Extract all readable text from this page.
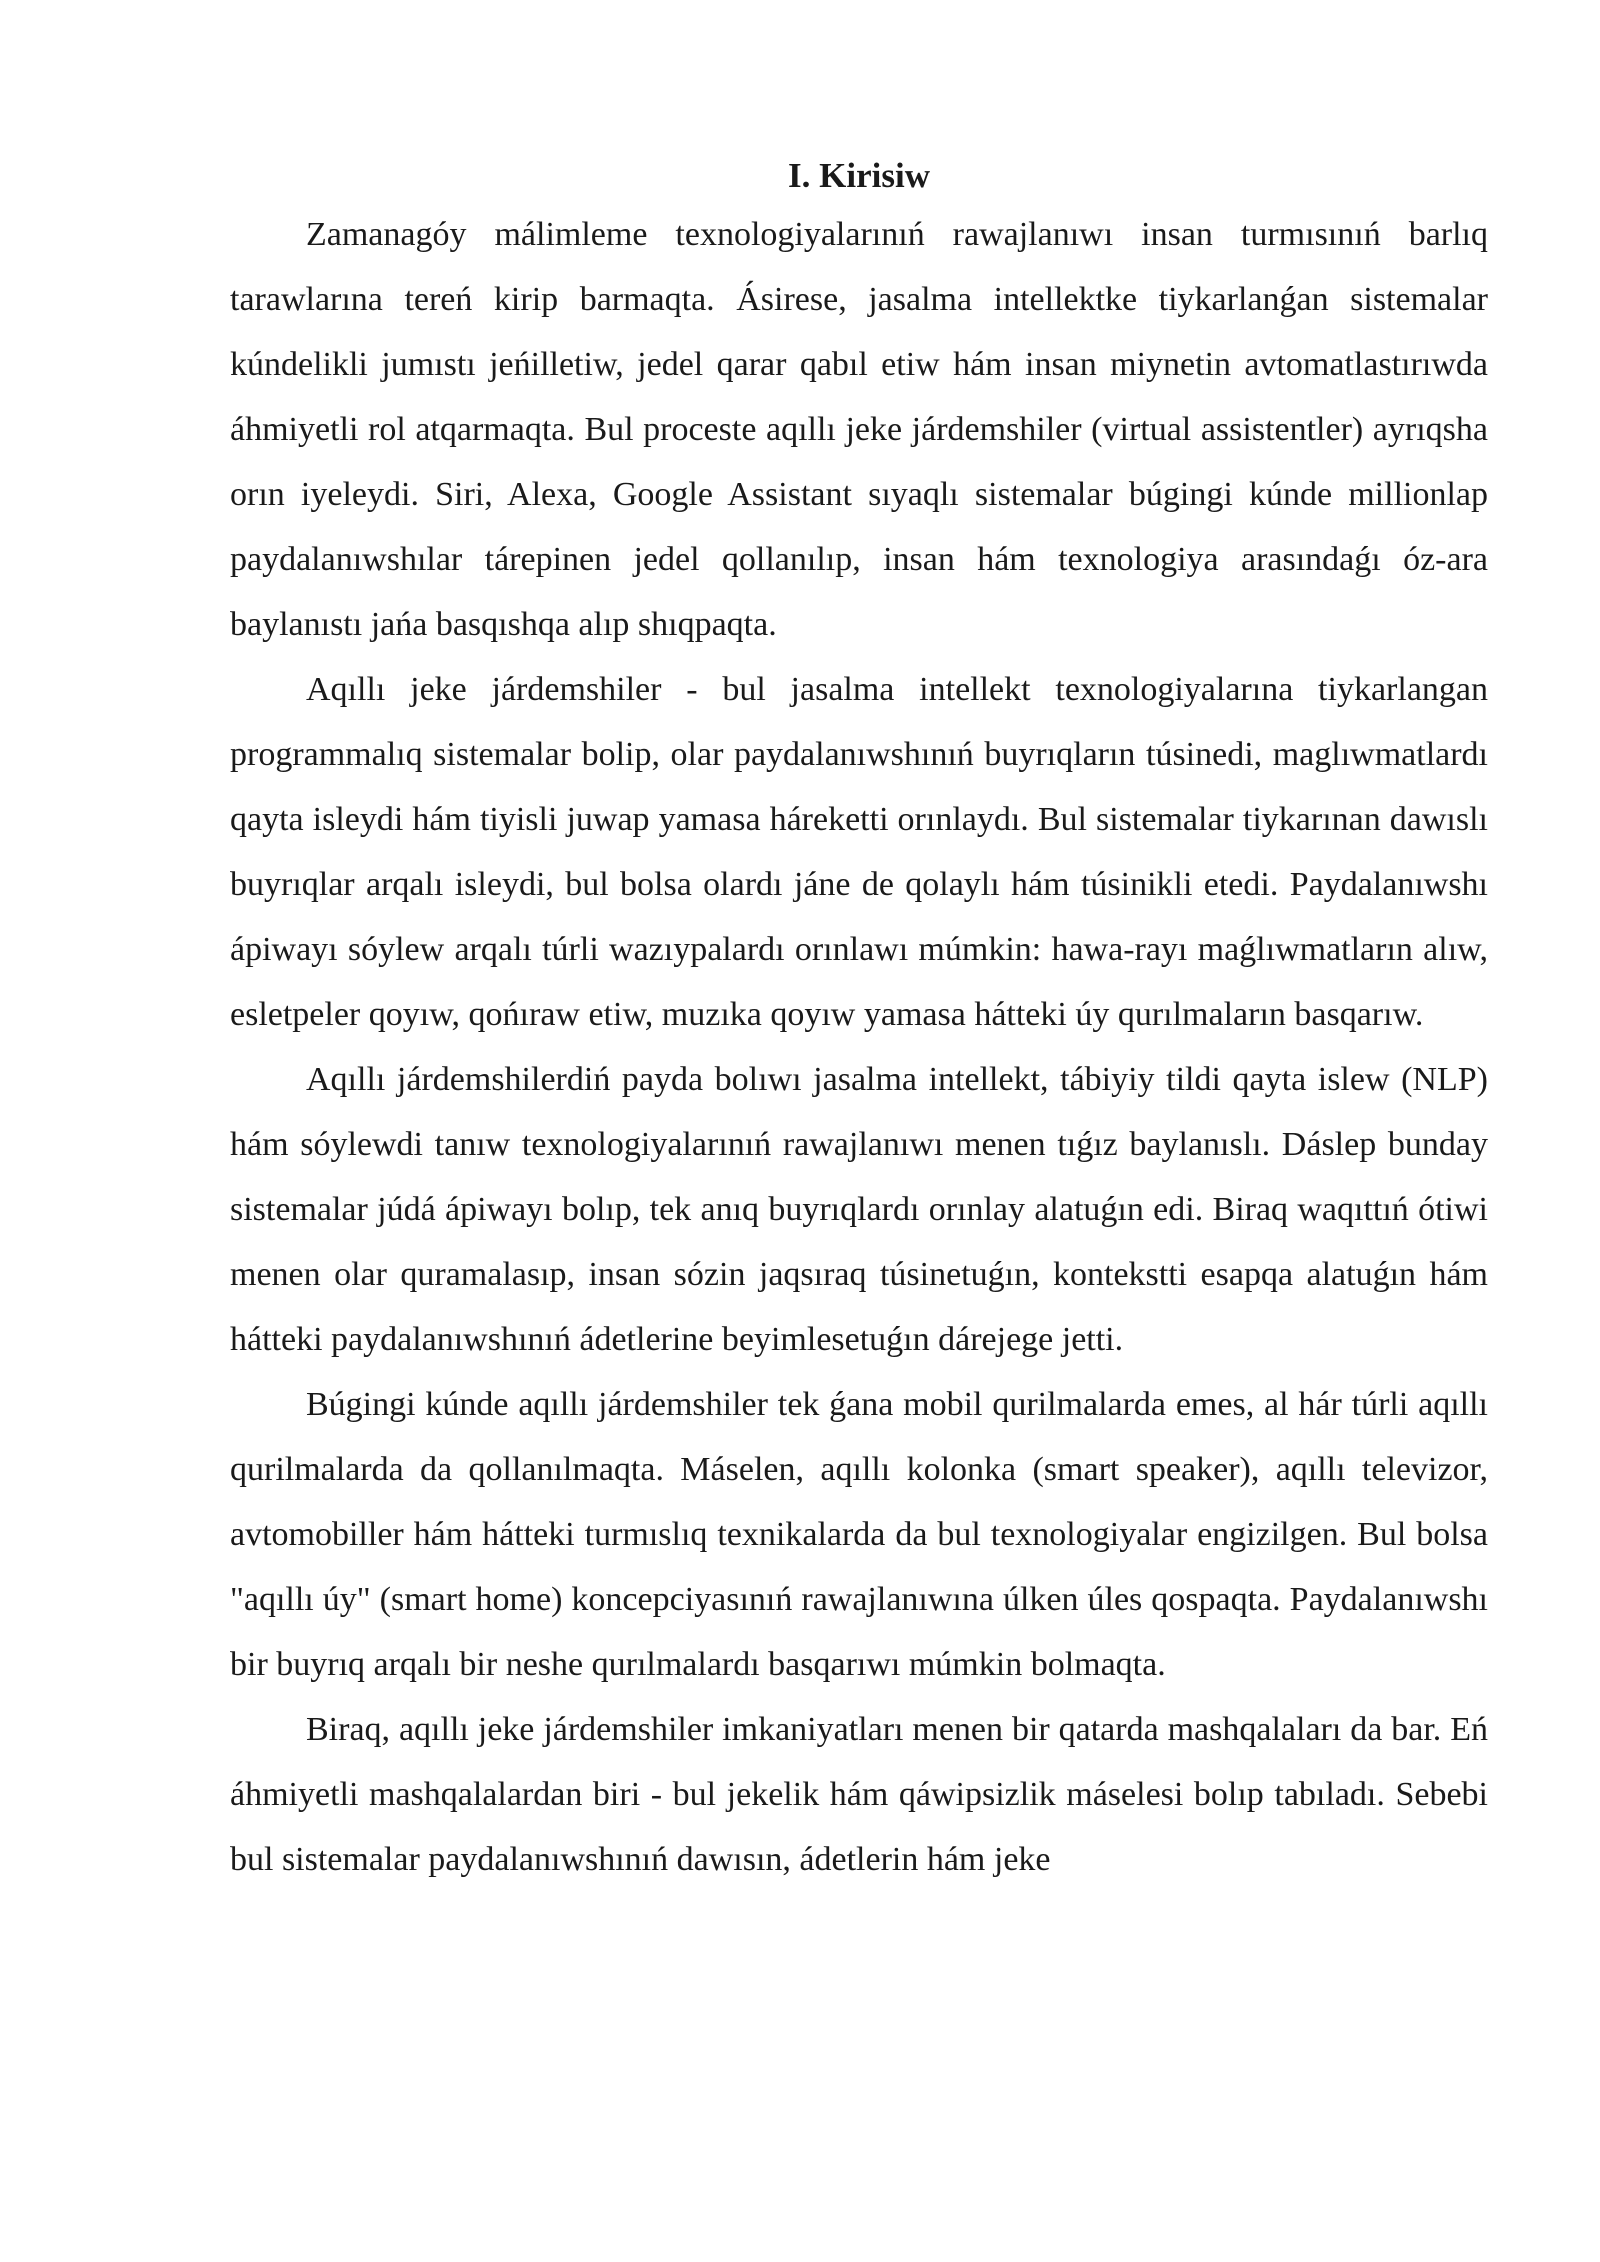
I. Kirisiw

Zamanagóy málimleme texnologiyalarınıń rawajlanıwı insan turmısınıń barlıq tarawlarına tereń kirip barmaqta. Ásirese, jasalma intellektke tiykarlanǵan sistemalar kúndelikli jumıstı jeńilletiw, jedel qarar qabıl etiw hám insan miynetin avtomatlastırıwda áhmiyetli rol atqarmaqta. Bul proceste aqıllı jeke járdemshiler (virtual assistentler) ayrıqsha orın iyeleydi. Siri, Alexa, Google Assistant sıyaqlı sistemalar búgingi kúnde millionlap paydalanıwshılar tárepinen jedel qollanılıp, insan hám texnologiya arasındaǵı óz-ara baylanıstı jańa basqıshqa alıp shıqpaqta.

Aqıllı jeke járdemshiler - bul jasalma intellekt texnologiyalarına tiykarlangan programmalıq sistemalar bolip, olar paydalanıwshınıń buyrıqların túsinedi, maglıwmatlardı qayta isleydi hám tiyisli juwap yamasa háreketti orınlaydı. Bul sistemalar tiykarınan dawıslı buyrıqlar arqalı isleydi, bul bolsa olardı jáne de qolaylı hám túsinikli etedi. Paydalanıwshı ápiwayı sóylew arqalı túrli wazıypalardı orınlawı múmkin: hawa-rayı maǵlıwmatların alıw, esletpeler qoyıw, qońıraw etiw, muzıka qoyıw yamasa hátteki úy qurılmaların basqarıw.

Aqıllı járdemshilerdiń payda bolıwı jasalma intellekt, tábiyiy tildi qayta islew (NLP) hám sóylewdi tanıw texnologiyalarınıń rawajlanıwı menen tıǵız baylanıslı. Dáslep bunday sistemalar júdá ápiwayı bolıp, tek anıq buyrıqlardı orınlay alatuǵın edi. Biraq waqıttıń ótiwi menen olar quramalasıp, insan sózin jaqsıraq túsinetuǵın, kontekstti esapqa alatuǵın hám hátteki paydalanıwshınıń ádetlerine beyimlesetuǵın dárejege jetti.

Búgingi kúnde aqıllı járdemshiler tek ǵana mobil qurilmalarda emes, al hár túrli aqıllı qurilmalarda da qollanılmaqta. Máselen, aqıllı kolonka (smart speaker), aqıllı televizor, avtomobiller hám hátteki turmıslıq texnikalarda da bul texnologiyalar engizilgen. Bul bolsa "aqıllı úy" (smart home) koncepciyasınıń rawajlanıwına úlken úles qospaqta. Paydalanıwshı bir buyrıq arqalı bir neshe qurılmalardı basqarıwı múmkin bolmaqta.

Biraq, aqıllı jeke járdemshiler imkaniyatları menen bir qatarda mashqalaları da bar. Eń áhmiyetli mashqalalardan biri - bul jekelik hám qáwipsizlik máselesi bolıp tabıladı. Sebebi bul sistemalar paydalanıwshınıń dawısın, ádetlerin hám jeke
